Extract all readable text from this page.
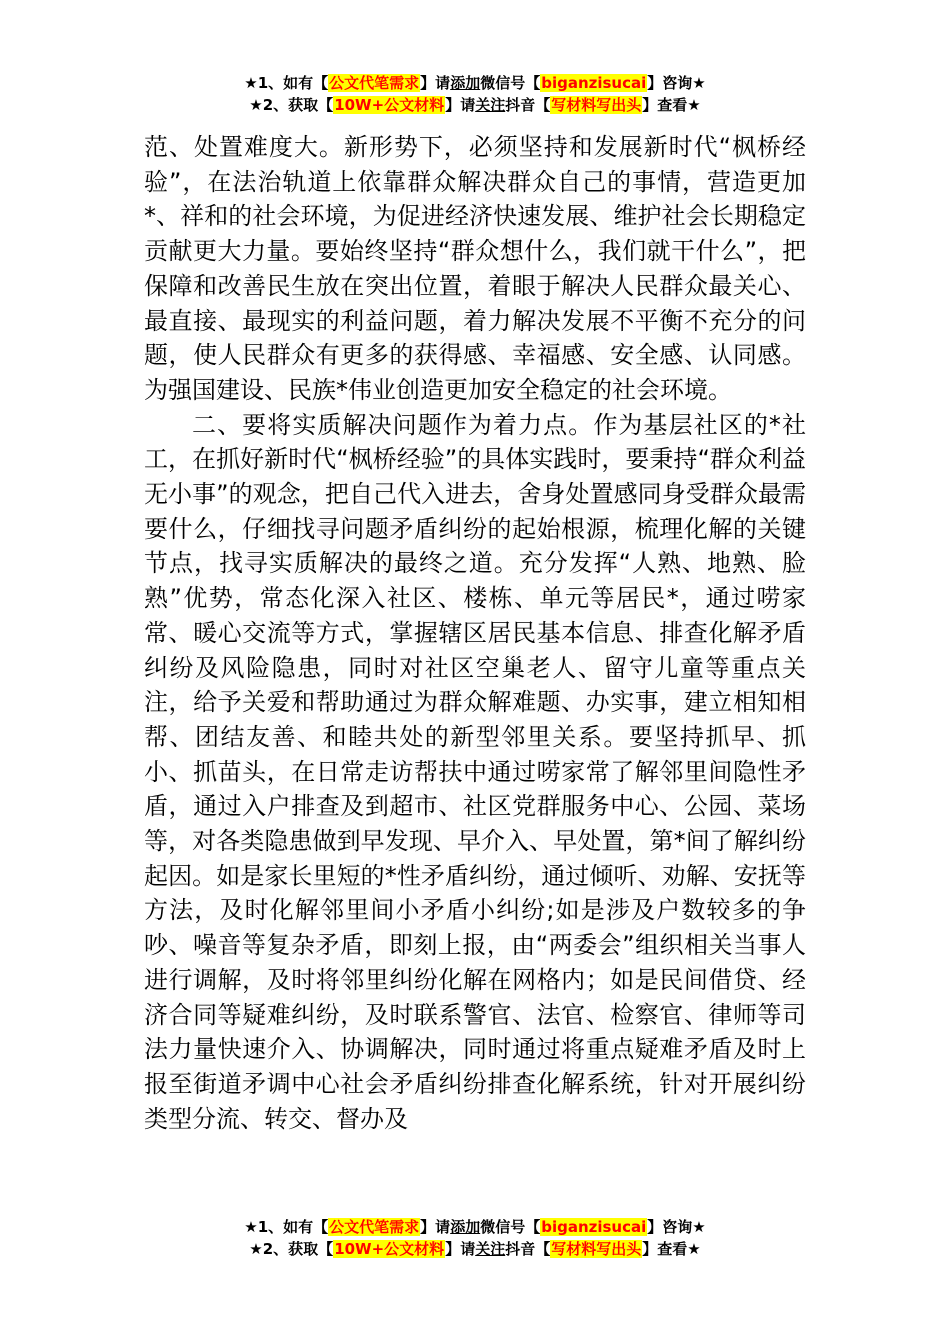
★1、如有【公文代笔需求】请添加微信号【biganzisucai】咨询★
★2、获取【10W+公文材料】请关注抖音【写材料写出头】查看★

范、处置难度大。新形势下，必须坚持和发展新时代“枫桥经验”，在法治轨道上依靠群众解决群众自己的事情，营造更加*、祥和的社会环境，为促进经济快速发展、维护社会长期稳定贡献更大力量。要始终坚持“群众想什么，我们就干什么”，把保障和改善民生放在突出位置，着眼于解决人民群众最关心、最直接、最现实的利益问题，着力解决发展不平衡不充分的问题，使人民群众有更多的获得感、幸福感、安全感、认同感。为强国建设、民族*伟业创造更加安全稳定的社会环境。

二、要将实质解决问题作为着力点。作为基层社区的*社工，在抓好新时代“枫桥经验”的具体实践时，要秉持“群众利益无小事”的观念，把自己代入进去，舍身处置感同身受群众最需要什么，仔细找寻问题矛盾纠纷的起始根源，梳理化解的关键节点，找寻实质解决的最终之道。充分发挥“人熟、地熟、脸熟”优势，常态化深入社区、楼栋、单元等居民*，通过唠家常、暖心交流等方式，掌握辖区居民基本信息、排查化解矛盾纠纷及风险隐患，同时对社区空巢老人、留守儿童等重点关注，给予关爱和帮助通过为群众解难题、办实事，建立相知相帮、团结友善、和睦共处的新型邻里关系。要坚持抓早、抓小、抓苗头，在日常走访帮扶中通过唠家常了解邻里间隐性矛盾，通过入户排查及到超市、社区党群服务中心、公园、菜场等，对各类隐患做到早发现、早介入、早处置，第*间了解纠纷起因。如是家长里短的*性矛盾纠纷，通过倾听、劝解、安抚等方法，及时化解邻里间小矛盾小纠纷;如是涉及户数较多的争吵、噪音等复杂矛盾，即刻上报，由“两委会”组织相关当事人进行调解，及时将邻里纠纷化解在网格内；如是民间借贷、经济合同等疑难纠纷，及时联系警官、法官、检察官、律师等司法力量快速介入、协调解决，同时通过将重点疑难矛盾及时上报至街道矛调中心社会矛盾纠纷排查化解系统，针对开展纠纷类型分流、转交、督办及

★1、如有【公文代笔需求】请添加微信号【biganzisucai】咨询★
★2、获取【10W+公文材料】请关注抖音【写材料写出头】查看★
